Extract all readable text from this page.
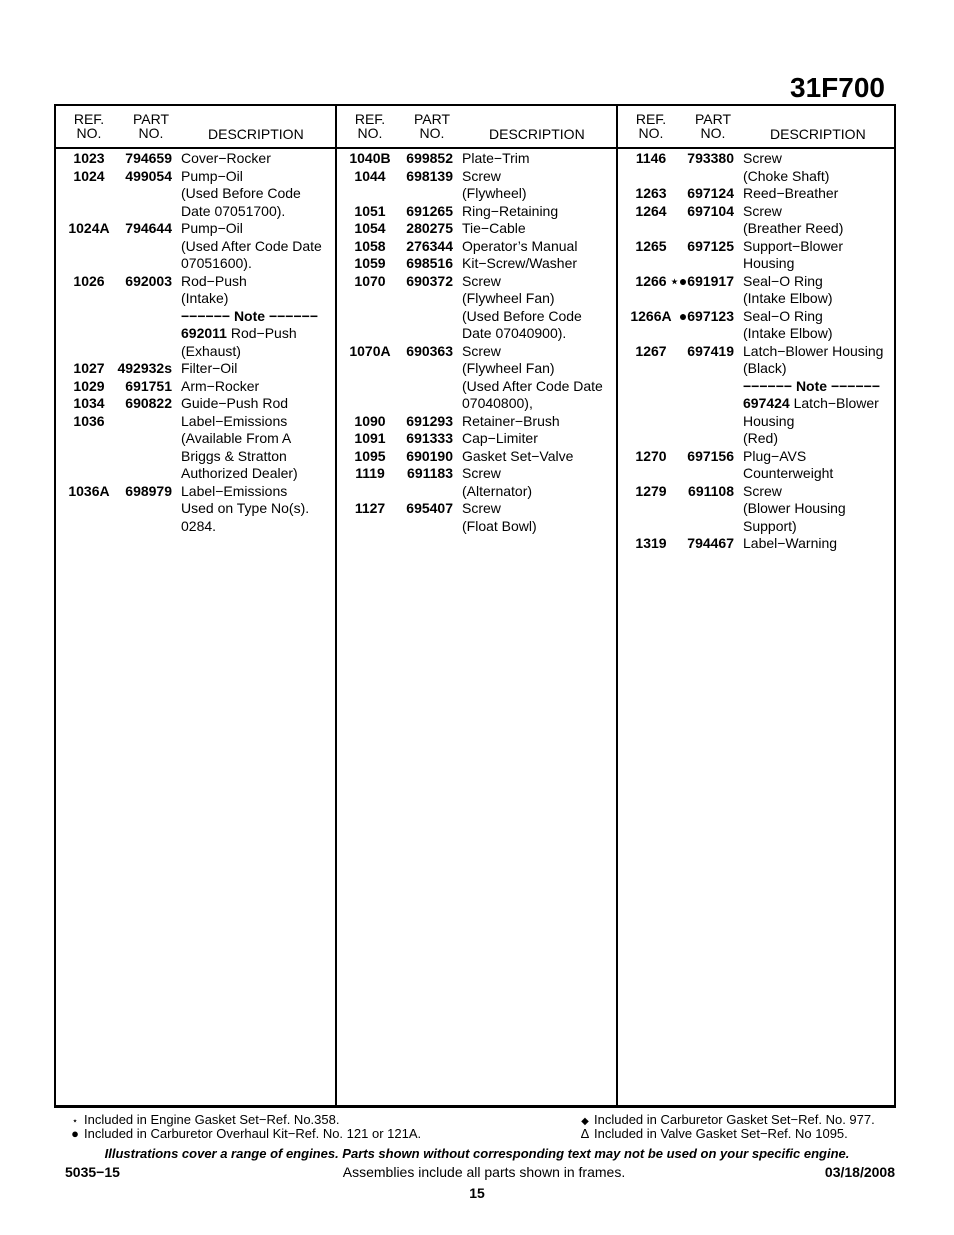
31F700
REF.
NO.
PART
NO.	DESCRIPTION
REF.
NO.
PART
NO.	DESCRIPTION
REF.
NO.
PART
NO.	DESCRIPTION
1023	794659 Cover−Rocker
1024	499054 Pump−Oil
(Used Before Code
Date 07051700).
1024A	794644 Pump−Oil
(Used After Code Date
07051600).
1026	692003 Rod−Push
(Intake)
−−−−−− Note −−−−−−
692011 Rod−Push
(Exhaust)
1027 492932s Filter−Oil
1029	691751 Arm−Rocker
1034	690822 Guide−Push Rod
1036	Label−Emissions
(Available From A
Briggs & Stratton
Authorized Dealer)
1036A	698979 Label−Emissions
Used on Type No(s).
0284.
1040B	699852 Plate−Trim
1044	698139 Screw
(Flywheel)
1051	691265 Ring−Retaining
1054	280275 Tie−Cable
1058	276344 Operator’s Manual
1059	698516 Kit−Screw/Washer
1070	690372 Screw
(Flywheel Fan)
(Used Before Code
Date 07040900).
1070A	690363 Screw
(Flywheel Fan)
(Used After Code Date
07040800),
1090	691293 Retainer−Brush
1091	691333 Cap−Limiter
1095	690190 Gasket Set−Valve
1119	691183 Screw
(Alternator)
1127	695407 Screw
(Float Bowl)
1146	793380 Screw
(Choke Shaft)
1263	697124 Reed−Breather
1264	697104 Screw
(Breather Reed)
1265	697125 Support−Blower
Housing
1266 ⋆●691917 Seal−O Ring
(Intake Elbow)
1266A ●697123 Seal−O Ring
(Intake Elbow)
1267	697419 Latch−Blower Housing
(Black)
−−−−−− Note −−−−−−
697424 Latch−Blower
Housing
(Red)
1270	697156 Plug−AVS
Counterweight
1279	691108 Screw
(Blower Housing
Support)
1319	794467 Label−Warning
⋆ Included in Engine Gasket Set−Ref. No.358.
● Included in Carburetor Overhaul Kit−Ref. No. 121 or 121A.
◆ Included in Carburetor Gasket Set−Ref. No. 977.
Δ Included in Valve Gasket Set−Ref. No 1095.
Illustrations cover a range of engines. Parts shown without corresponding text may not be used on your specific engine.
5035−15	Assemblies include all parts shown in frames.	03/18/2008
15
